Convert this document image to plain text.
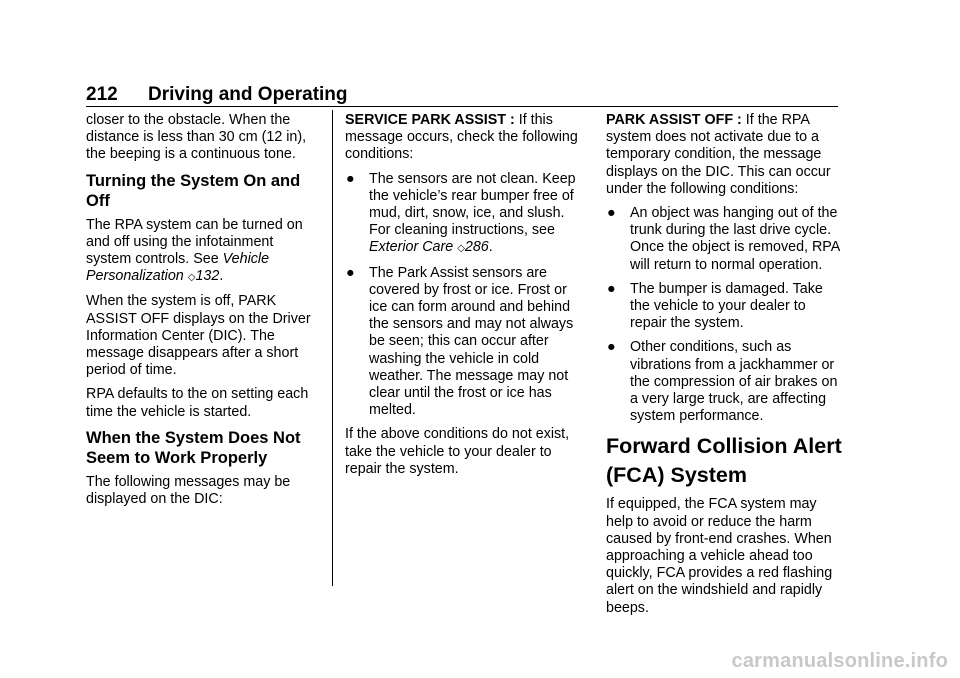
212	Driving and Operating

closer to the obstacle. When the distance is less than 30 cm (12 in), the beeping is a continuous tone.

Turning the System On and Off

The RPA system can be turned on and off using the infotainment system controls. See Vehicle Personalization ◇132.

When the system is off, PARK ASSIST OFF displays on the Driver Information Center (DIC). The message disappears after a short period of time.

RPA defaults to the on setting each time the vehicle is started.

When the System Does Not Seem to Work Properly

The following messages may be displayed on the DIC:

SERVICE PARK ASSIST : If this message occurs, check the following conditions:

●	The sensors are not clean. Keep the vehicle’s rear bumper free of mud, dirt, snow, ice, and slush. For cleaning instructions, see Exterior Care ◇286.
●	The Park Assist sensors are covered by frost or ice. Frost or ice can form around and behind the sensors and may not always be seen; this can occur after washing the vehicle in cold weather. The message may not clear until the frost or ice has melted.

If the above conditions do not exist, take the vehicle to your dealer to repair the system.

PARK ASSIST OFF : If the RPA system does not activate due to a temporary condition, the message displays on the DIC. This can occur under the following conditions:

●	An object was hanging out of the trunk during the last drive cycle. Once the object is removed, RPA will return to normal operation.
●	The bumper is damaged. Take the vehicle to your dealer to repair the system.
●	Other conditions, such as vibrations from a jackhammer or the compression of air brakes on a very large truck, are affecting system performance.
Forward Collision Alert (FCA) System

If equipped, the FCA system may help to avoid or reduce the harm caused by front-end crashes. When approaching a vehicle ahead too quickly, FCA provides a red flashing alert on the windshield and rapidly beeps.

carmanualsonline.info
